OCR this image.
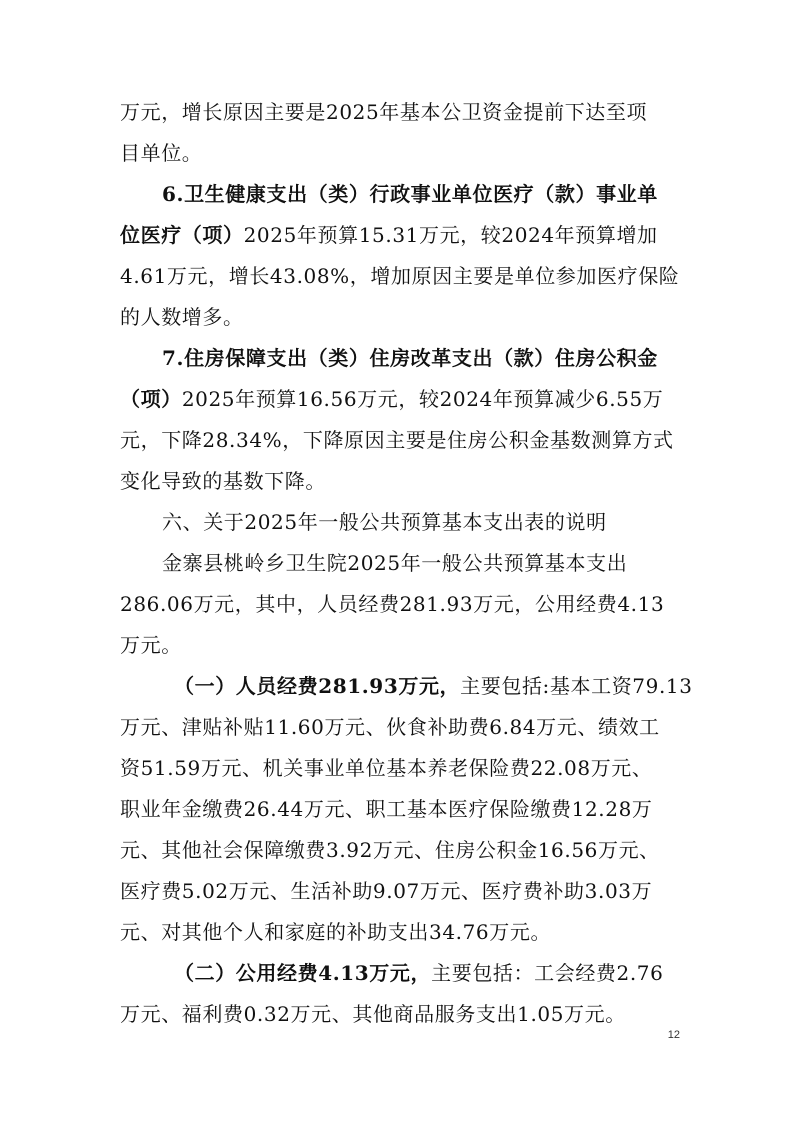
万元，增长原因主要是2025年基本公卫资金提前下达至项
目单位。
6.卫生健康支出（类）行政事业单位医疗（款）事业单
位医疗（项）2025年预算15.31万元，较2024年预算增加
4.61万元，增长43.08%，增加原因主要是单位参加医疗保险
的人数增多。
7.住房保障支出（类）住房改革支出（款）住房公积金
（项）2025年预算16.56万元，较2024年预算减少6.55万
元，下降28.34%，下降原因主要是住房公积金基数测算方式
变化导致的基数下降。
六、关于2025年一般公共预算基本支出表的说明
金寨县桃岭乡卫生院2025年一般公共预算基本支出
286.06万元，其中，人员经费281.93万元，公用经费4.13
万元。
（一）人员经费281.93万元，主要包括:基本工资79.13
万元、津贴补贴11.60万元、伙食补助费6.84万元、绩效工
资51.59万元、机关事业单位基本养老保险费22.08万元、
职业年金缴费26.44万元、职工基本医疗保险缴费12.28万
元、其他社会保障缴费3.92万元、住房公积金16.56万元、
医疗费5.02万元、生活补助9.07万元、医疗费补助3.03万
元、对其他个人和家庭的补助支出34.76万元。
（二）公用经费4.13万元，主要包括：工会经费2.76
万元、福利费0.32万元、其他商品服务支出1.05万元。
12
